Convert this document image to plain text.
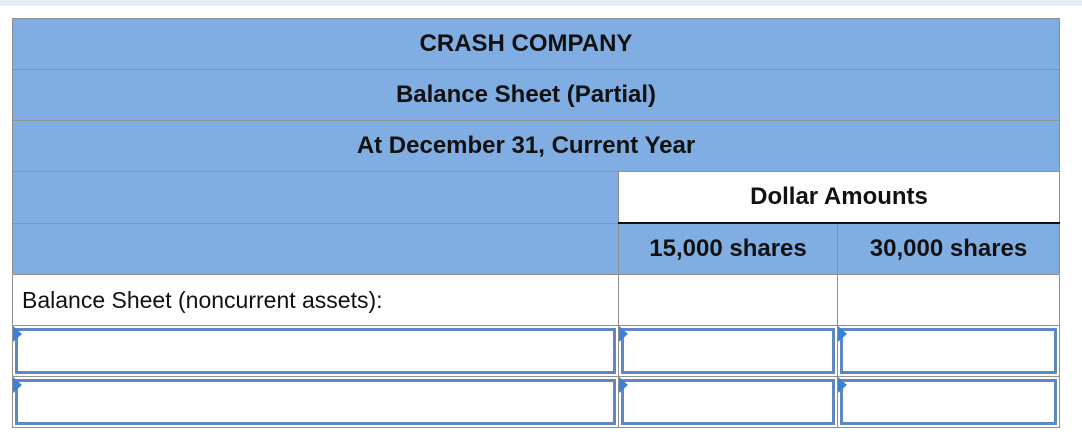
CRASH COMPANY		
Balance Sheet (Partial)		
At December 31, Current Year		
	Dollar Amounts	
	15,000 shares	30,000 shares
Balance Sheet (noncurrent assets):		
